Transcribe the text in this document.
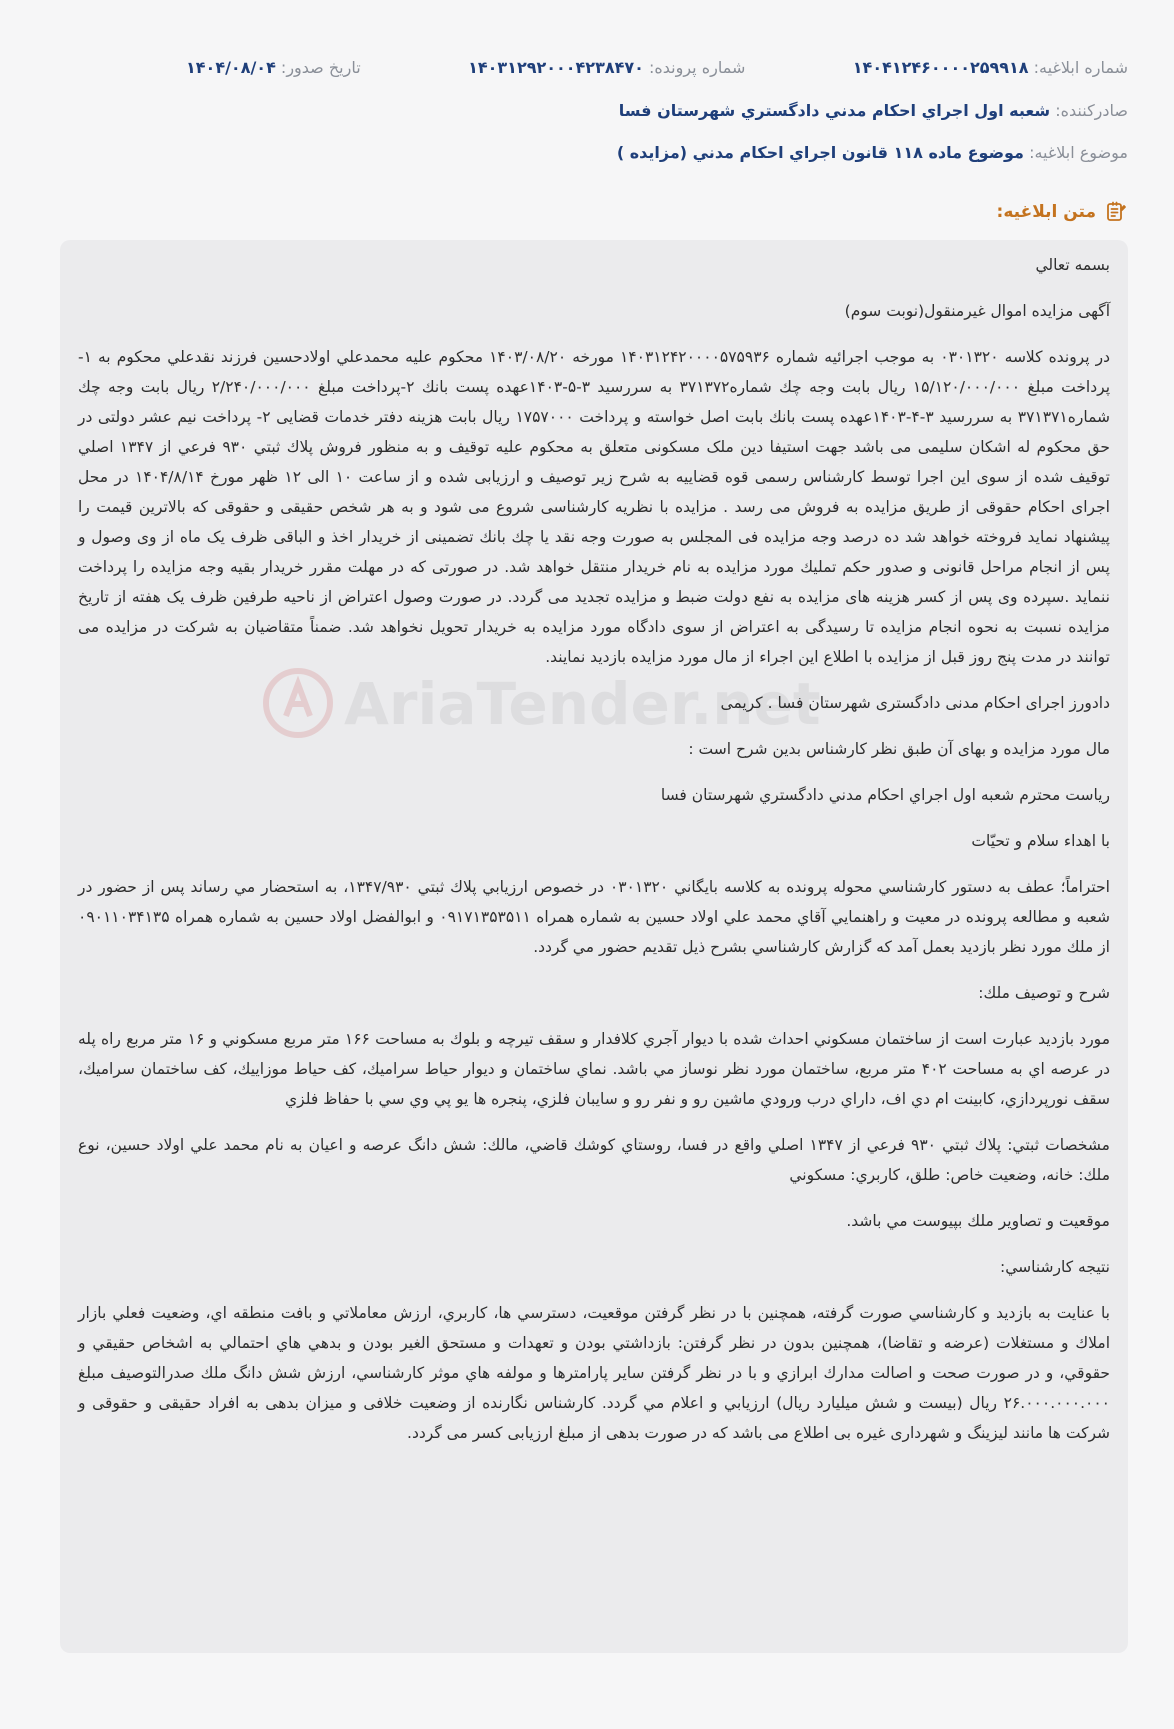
شماره ابلاغیه: ۱۴۰۴۱۲۴۶۰۰۰۰۲۵۹۹۱۸
شماره پرونده: ۱۴۰۳۱۲۹۲۰۰۰۴۲۳۸۴۷۰
تاریخ صدور: ۱۴۰۴/۰۸/۰۴
صادرکننده: شعبه اول اجراي احكام مدني دادگستري شهرستان فسا
موضوع ابلاغیه: موضوع ماده ۱۱۸ قانون اجراي احكام مدني (مزايده )
متن ابلاغیه:
AriaTender.net

بسمه تعالي

آگهی مزایده اموال غیرمنقول(نوبت سوم)

در پرونده كلاسه ۰۳۰۱۳۲۰ به موجب اجرائيه شماره ۱۴۰۳۱۲۴۲۰۰۰۰۵۷۵۹۳۶ مورخه ۱۴۰۳/۰۸/۲۰ محكوم عليه محمدعلي اولادحسين فرزند نقدعلي محكوم به ۱-پرداخت مبلغ ۱۵/۱۲۰/۰۰۰/۰۰۰ ريال بابت وجه چك شماره۳۷۱۳۷۲ به سررسيد ۳-۵-۱۴۰۳عهده پست بانك ۲-پرداخت مبلغ ۲/۲۴۰/۰۰۰/۰۰۰ ريال بابت وجه چك شماره۳۷۱۳۷۱ به سررسيد ۳-۴-۱۴۰۳عهده پست بانك بابت اصل خواسته و پرداخت ۱۷۵۷۰۰۰ ريال بابت هزينه دفتر خدمات قضايی ۲- پرداخت نيم عشر دولتی در حق محكوم له اشكان سليمی می باشد جهت استيفا دين ملک مسکونی متعلق به محکوم علیه توقیف و به منظور فروش پلاك ثبتي ۹۳۰ فرعي از ۱۳۴۷ اصلي توقيف شده از سوی اين اجرا توسط كارشناس رسمی قوه قضاييه به شرح زير توصيف و ارزيابی شده و از ساعت ۱۰ الی ۱۲ ظهر مورخ ۱۴۰۴/۸/۱۴ در محل اجرای احكام حقوقی از طريق مزايده به فروش می رسد . مزايده با نظريه كارشناسی شروع می شود و به هر شخص حقيقی و حقوقی كه بالاترين قيمت را پيشنهاد نمايد فروخته خواهد شد ده درصد وجه مزايده فی المجلس به صورت وجه نقد يا چك بانك تضمينی از خريدار اخذ و الباقی ظرف يک ماه از وی وصول و پس از انجام مراحل قانونی و صدور حكم تمليك مورد مزايده به نام خريدار منتقل خواهد شد. در صورتی كه در مهلت مقرر خريدار بقيه وجه مزايده را پرداخت ننمايد .سپرده وی پس از كسر هزينه های مزايده به نفع دولت ضبط و مزايده تجديد می گردد. در صورت وصول اعتراض از ناحيه طرفين ظرف يک هفته از تاريخ مزايده نسبت به نحوه انجام مزايده تا رسيدگی به اعتراض از سوی دادگاه مورد مزايده به خريدار تحويل نخواهد شد. ضمناً متقاضيان به شركت در مزايده می توانند در مدت پنج روز قبل از مزايده با اطلاع اين اجراء از مال مورد مزايده بازديد نمايند.

دادورز اجرای احكام مدنی دادگستری شهرستان فسا . كريمی

مال مورد مزايده و بهای آن طبق نظر كارشناس بدين شرح است :

رياست محترم شعبه اول اجراي احكام مدني دادگستري شهرستان فسا

با اهداء سلام و تحيّات

احتراماً؛ عطف به دستور كارشناسي محوله پرونده به كلاسه بايگاني ۰۳۰۱۳۲۰ در خصوص ارزيابي پلاك ثبتي ۱۳۴۷/۹۳۰، به استحضار مي رساند پس از حضور در شعبه و مطالعه پرونده در معيت و راهنمايي آقاي محمد علي اولاد حسين به شماره همراه ۰۹۱۷۱۳۵۳۵۱۱ و ابوالفضل اولاد حسين به شماره همراه ۰۹۰۱۱۰۳۴۱۳۵ از ملك مورد نظر بازديد بعمل آمد كه گزارش كارشناسي بشرح ذيل تقديم حضور مي گردد.

شرح و توصيف ملك:

مورد بازديد عبارت است از ساختمان مسكوني احداث شده با ديوار آجري كلافدار و سقف تيرچه و بلوك به مساحت ۱۶۶ متر مربع مسكوني و ۱۶ متر مربع راه پله در عرصه اي به مساحت ۴۰۲ متر مربع، ساختمان مورد نظر نوساز مي باشد. نماي ساختمان و ديوار حياط سراميك، كف حياط موزاييك، كف ساختمان سراميك، سقف نورپردازي، كابينت ام دي اف، داراي درب ورودي ماشين رو و نفر رو و سايبان فلزي، پنجره ها يو پي وي سي با حفاظ فلزي

مشخصات ثبتي: پلاك ثبتي ۹۳۰ فرعي از ۱۳۴۷ اصلي واقع در فسا، روستاي كوشك قاضي، مالك: شش دانگ عرصه و اعيان به نام محمد علي اولاد حسين، نوع ملك: خانه، وضعيت خاص: طلق، كاربري: مسكوني

موقعيت و تصاوير ملك بپيوست مي باشد.

نتيجه كارشناسي:

با عنايت به بازديد و كارشناسي صورت گرفته، همچنين با در نظر گرفتن موقعيت، دسترسي ها، كاربري، ارزش معاملاتي و بافت منطقه اي، وضعيت فعلي بازار املاك و مستغلات (عرضه و تقاضا)، همچنين بدون در نظر گرفتن: بازداشتي بودن و تعهدات و مستحق الغير بودن و بدهي هاي احتمالي به اشخاص حقيقي و حقوقي، و در صورت صحت و اصالت مدارك ابرازي و با در نظر گرفتن ساير پارامترها و مولفه هاي موثر كارشناسي، ارزش شش دانگ ملك صدرالتوصيف مبلغ ۲۶.۰۰۰.۰۰۰.۰۰۰ ريال (بيست و شش ميليارد ريال) ارزيابي و اعلام مي گردد. کارشناس نگارنده از وضعيت خلافی و ميزان بدهی به افراد حقيقی و حقوقی و شركت ها مانند ليزينگ و شهرداری غيره بی اطلاع می باشد كه در صورت بدهی از مبلغ ارزيابی كسر می گردد.
